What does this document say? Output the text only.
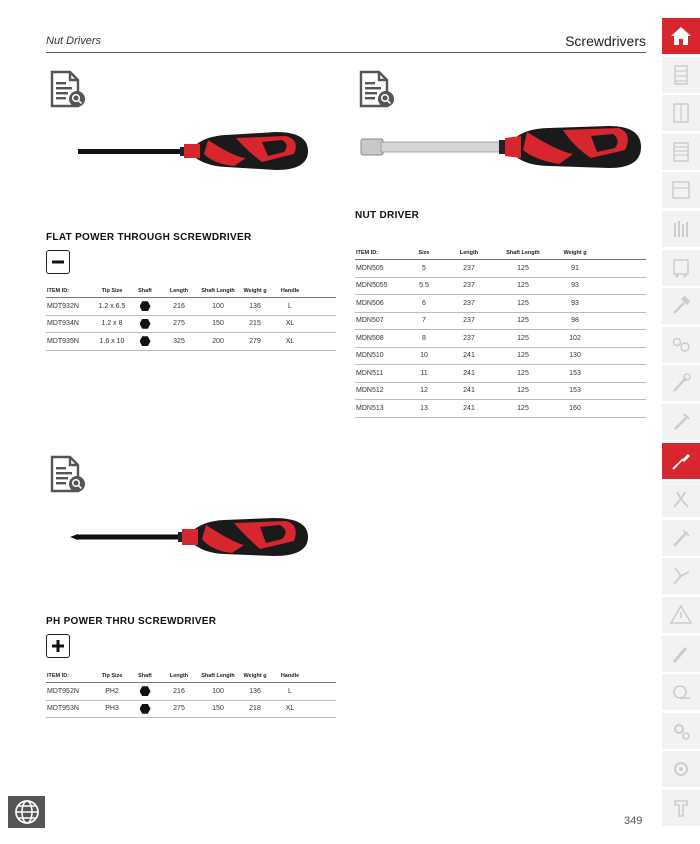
Nut Drivers	Screwdrivers
FLAT POWER THROUGH SCREWDRIVER
ITEM ID:	Tip Size	Shaft	Length	Shaft Length	Weight g	Handle	
MDT932N	1.2 x 6.5		216	100	136	L	
MDT934N	1.2 x 8		275	150	215	XL	
MDT935N	1.6 x 10		325	200	279	XL	
NUT DRIVER
ITEM ID:	Size	Length	Shaft Length	Weight g	
MDN505	5	237	125	91	
MDN5055	5.5	237	125	93	
MDN506	6	237	125	93	
MDN507	7	237	125	98	
MDN508	8	237	125	102	
MDN510	10	241	125	130	
MDN511	11	241	125	153	
MDN512	12	241	125	153	
MDN513	13	241	125	160	
PH POWER THRU SCREWDRIVER
ITEM ID:	Tip Size	Shaft	Length	Shaft Length	Weight g	Handle	
MDT952N	PH2		216	100	136	L	
MDT953N	PH3		275	150	218	XL	
349
